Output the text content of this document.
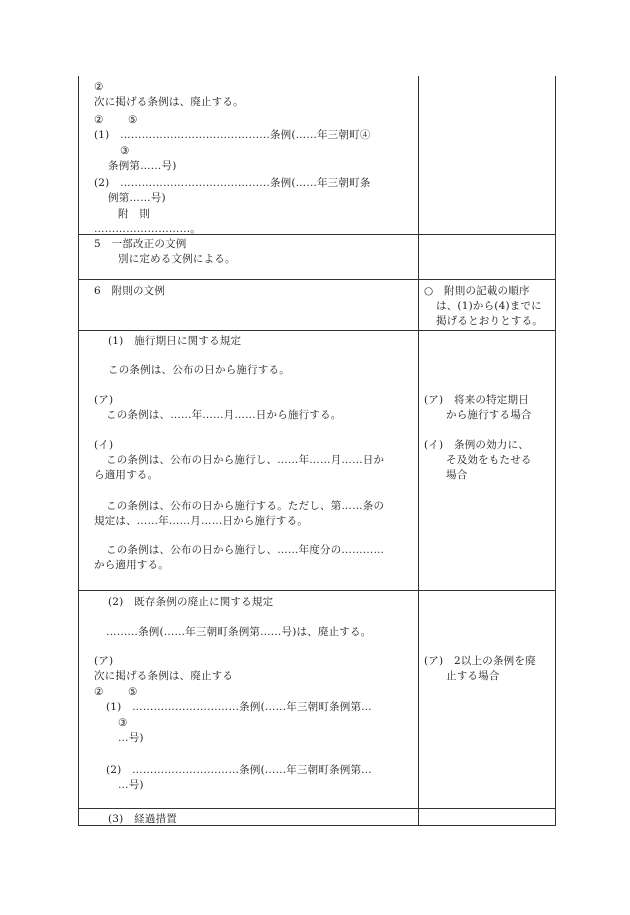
②
次に掲げる条例は、廃止する。
② ⑤
(1)　……………………………………条例(……年三朝町④
③
条例第……号)
(2)　……………………………………条例(……年三朝町条
例第……号)
附　則
………………………。
5　一部改正の文例
別に定める文例による。
6　附則の文例	○　附則の記載の順序
は、(1)から(4)までに
掲げるとおりとする。
(1)　施行期日に関する規定
この条例は、公布の日から施行する。
(ア)
この条例は、……年……月……日から施行する。
(イ)
この条例は、公布の日から施行し、……年……月……日か
ら適用する。
この条例は、公布の日から施行する。ただし、第……条の
規定は、……年……月……日から施行する。
この条例は、公布の日から施行し、……年度分の…………
から適用する。
(ア)　将来の特定期日
から施行する場合
(イ)　条例の効力に、
そ及効をもたせる
場合
(2)　既存条例の廃止に関する規定
………条例(……年三朝町条例第……号)は、廃止する。
(ア)
次に掲げる条例は、廃止する
② ⑤
(1)　…………………………条例(……年三朝町条例第…
③
…号)
(2)　…………………………条例(……年三朝町条例第…
…号)
(ア)　2以上の条例を廃
止する場合
(3)　経過措置
